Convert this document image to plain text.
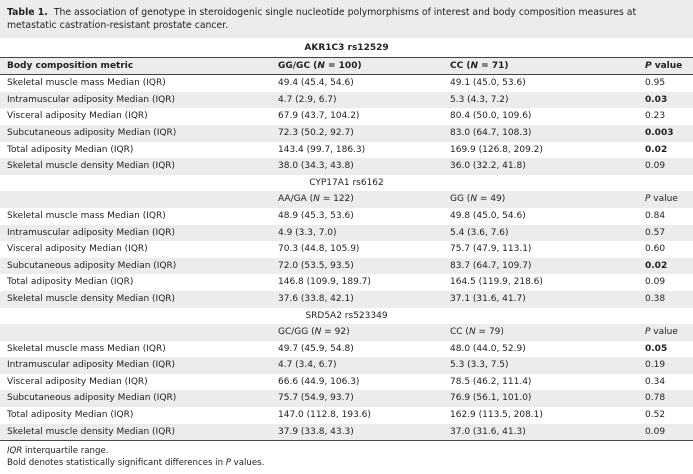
Table 1. The association of genotype in steroidogenic single nucleotide polymorphisms of interest and body composition measures at metastatic castration-resistant prostate cancer.
AKR1C3 rs12529			
Body composition metric	GG/GC (N = 100)	CC (N = 71)	P value
Skeletal muscle mass Median (IQR)	49.4 (45.4, 54.6)	49.1 (45.0, 53.6)	0.95
Intramuscular adiposity Median (IQR)	4.7 (2.9, 6.7)	5.3 (4.3, 7.2)	0.03
Visceral adiposity Median (IQR)	67.9 (43.7, 104.2)	80.4 (50.0, 109.6)	0.23
Subcutaneous adiposity Median (IQR)	72.3 (50.2, 92.7)	83.0 (64.7, 108.3)	0.003
Total adiposity Median (IQR)	143.4 (99.7, 186.3)	169.9 (126.8, 209.2)	0.02
Skeletal muscle density Median (IQR)	38.0 (34.3, 43.8)	36.0 (32.2, 41.8)	0.09
CYP17A1 rs6162			
	AA/GA (N = 122)	GG (N = 49)	P value
Skeletal muscle mass Median (IQR)	48.9 (45.3, 53.6)	49.8 (45.0, 54.6)	0.84
Intramuscular adiposity Median (IQR)	4.9 (3.3, 7.0)	5.4 (3.6, 7.6)	0.57
Visceral adiposity Median (IQR)	70.3 (44.8, 105.9)	75.7 (47.9, 113.1)	0.60
Subcutaneous adiposity Median (IQR)	72.0 (53.5, 93.5)	83.7 (64.7, 109.7)	0.02
Total adiposity Median (IQR)	146.8 (109.9, 189.7)	164.5 (119.9, 218.6)	0.09
Skeletal muscle density Median (IQR)	37.6 (33.8, 42.1)	37.1 (31.6, 41.7)	0.38
SRD5A2 rs523349			
	GC/GG (N = 92)	CC (N = 79)	P value
Skeletal muscle mass Median (IQR)	49.7 (45.9, 54.8)	48.0 (44.0, 52.9)	0.05
Intramuscular adiposity Median (IQR)	4.7 (3.4, 6.7)	5.3 (3.3, 7.5)	0.19
Visceral adiposity Median (IQR)	66.6 (44.9, 106.3)	78.5 (46.2, 111.4)	0.34
Subcutaneous adiposity Median (IQR)	75.7 (54.9, 93.7)	76.9 (56.1, 101.0)	0.78
Total adiposity Median (IQR)	147.0 (112.8, 193.6)	162.9 (113.5, 208.1)	0.52
Skeletal muscle density Median (IQR)	37.9 (33.8, 43.3)	37.0 (31.6, 41.3)	0.09
IQR interquartile range.
Bold denotes statistically significant differences in P values.
